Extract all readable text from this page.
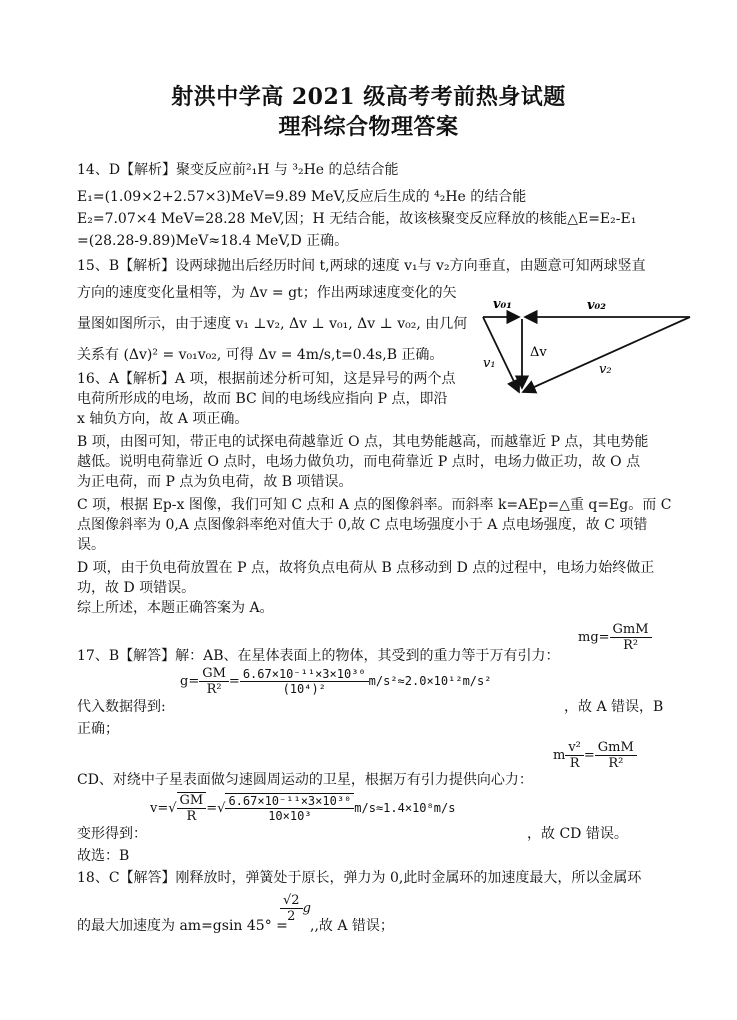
射洪中学高 2021 级高考考前热身试题
理科综合物理答案
14、D【解析】聚变反应前²₁H 与 ³₂He 的总结合能
E₁=(1.09×2+2.57×3)MeV=9.89 MeV,反应后生成的 ⁴₂He 的结合能
E₂=7.07×4 MeV=28.28 MeV,因；H 无结合能，故该核聚变反应释放的核能△E=E₂-E₁
=(28.28-9.89)MeV≈18.4 MeV,D 正确。
15、B【解析】设两球抛出后经历时间 t,两球的速度 v₁与 v₂方向垂直，由题意可知两球竖直
方向的速度变化量相等，为 Δv = gt；作出两球速度变化的矢
量图如图所示，由于速度 v₁ ⊥v₂, Δv ⊥ v₀₁, Δv ⊥ v₀₂, 由几何
关系有 (Δv)² = v₀₁v₀₂, 可得 Δv = 4m/s,t=0.4s,B 正确。
v₀₁	v₀₂
Δv
v₁	v₂
16、A【解析】A 项，根据前述分析可知，这是异号的两个点
电荷所形成的电场，故而 BC 间的电场线应指向 P 点，即沿
x 轴负方向，故 A 项正确。
B 项，由图可知，带正电的试探电荷越靠近 O 点，其电势能越高，而越靠近 P 点，其电势能
越低。说明电荷靠近 O 点时，电场力做负功，而电荷靠近 P 点时，电场力做正功，故 O 点
为正电荷，而 P 点为负电荷，故 B 项错误。
C 项，根据 Ep-x 图像，我们可知 C 点和 A 点的图像斜率。而斜率 k=AEp=△重 q=Eg。而 C
点图像斜率为 0,A 点图像斜率绝对值大于 0,故 C 点电场强度小于 A 点电场强度，故 C 项错
误。
D 项，由于负电荷放置在 P 点，故将负点电荷从 B 点移动到 D 点的过程中，电场力始终做正
功，故 D 项错误。
综上所述，本题正确答案为 A。
$mg= \frac{\text{GmM}}{\text{R²}}$
17、B【解答】解：AB、在星体表面上的物体，其受到的重力等于万有引力：
$g= \frac{GM}{\text{R²}} = \frac{\text{6.67×10⁻¹¹×3×10³⁰}}{\text{(10⁴)²}} m/s^2\approx 2.0\times 10^{12}m/s^2$
代入数据得到:	，故 A 错误，B
正确；
m $\frac{\text{v²}}{R} = \frac{\text{GmM}}{\text{R²}}$
CD、对绕中子星表面做匀速圆周运动的卫星，根据万有引力提供向心力：
$v=√ \frac{GM}{R}$ =√ $\frac{\text{6.67×10⁻¹¹×3×10³⁰}}{\text{10×10³}} m/s\approx 1.4\times 10^8m/s$
变形得到：	，故 CD 错误。
故选：B
18、C【解答】刚释放时，弹簧处于原长，弹力为 0,此时金属环的加速度最大，所以金属环
的最大加速度为 am=gsin 45° =
$\frac{√2}{2}$ g
,,故 A 错误；
